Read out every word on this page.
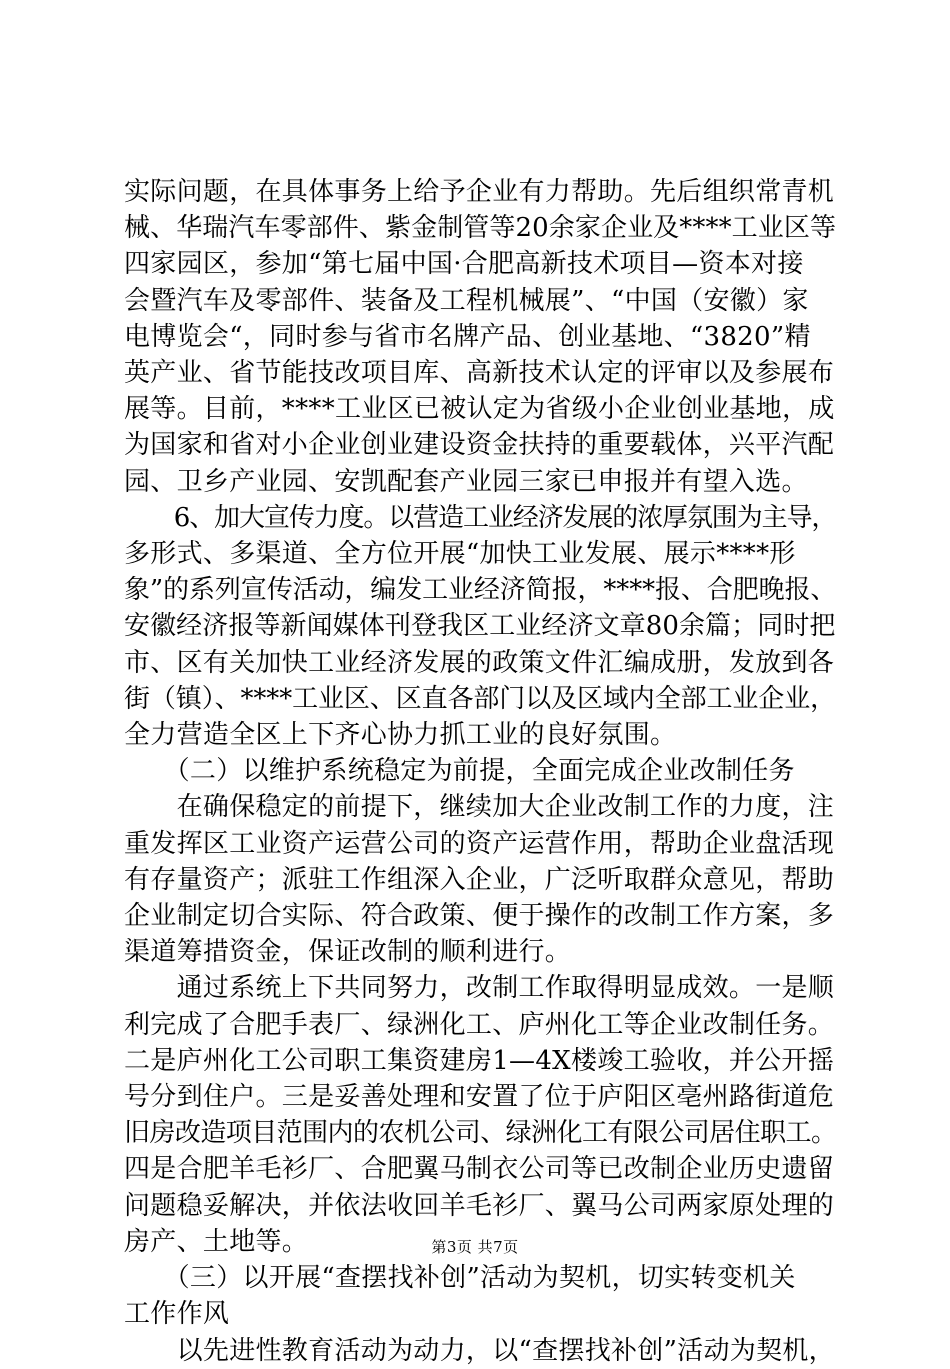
实际问题，在具体事务上给予企业有力帮助。先后组织常青机
械、华瑞汽车零部件、紫金制管等20余家企业及****工业区等
四家园区，参加“第七届中国·合肥高新技术项目—资本对接
会暨汽车及零部件、装备及工程机械展”、“中国（安徽）家
电博览会“，同时参与省市名牌产品、创业基地、“3820”精
英产业、省节能技改项目库、高新技术认定的评审以及参展布
展等。目前，****工业区已被认定为省级小企业创业基地，成
为国家和省对小企业创业建设资金扶持的重要载体，兴平汽配
园、卫乡产业园、安凯配套产业园三家已申报并有望入选。
　　6、加大宣传力度。以营造工业经济发展的浓厚氛围为主导，
多形式、多渠道、全方位开展“加快工业发展、展示****形
象”的系列宣传活动，编发工业经济简报，****报、合肥晚报、
安徽经济报等新闻媒体刊登我区工业经济文章80余篇；同时把
市、区有关加快工业经济发展的政策文件汇编成册，发放到各
街（镇）、****工业区、区直各部门以及区域内全部工业企业，
全力营造全区上下齐心协力抓工业的良好氛围。
　　（二）以维护系统稳定为前提，全面完成企业改制任务
　　在确保稳定的前提下，继续加大企业改制工作的力度，注
重发挥区工业资产运营公司的资产运营作用，帮助企业盘活现
有存量资产；派驻工作组深入企业，广泛听取群众意见，帮助
企业制定切合实际、符合政策、便于操作的改制工作方案，多
渠道筹措资金，保证改制的顺利进行。
　　通过系统上下共同努力，改制工作取得明显成效。一是顺
利完成了合肥手表厂、绿洲化工、庐州化工等企业改制任务。
二是庐州化工公司职工集资建房1—4X楼竣工验收，并公开摇
号分到住户。三是妥善处理和安置了位于庐阳区亳州路街道危
旧房改造项目范围内的农机公司、绿洲化工有限公司居住职工。
四是合肥羊毛衫厂、合肥翼马制衣公司等已改制企业历史遗留
问题稳妥解决，并依法收回羊毛衫厂、翼马公司两家原处理的
房产、土地等。
　　（三）以开展“查摆找补创”活动为契机，切实转变机关
工作作风
　　以先进性教育活动为动力，以“查摆找补创”活动为契机，
第3页 共7页
